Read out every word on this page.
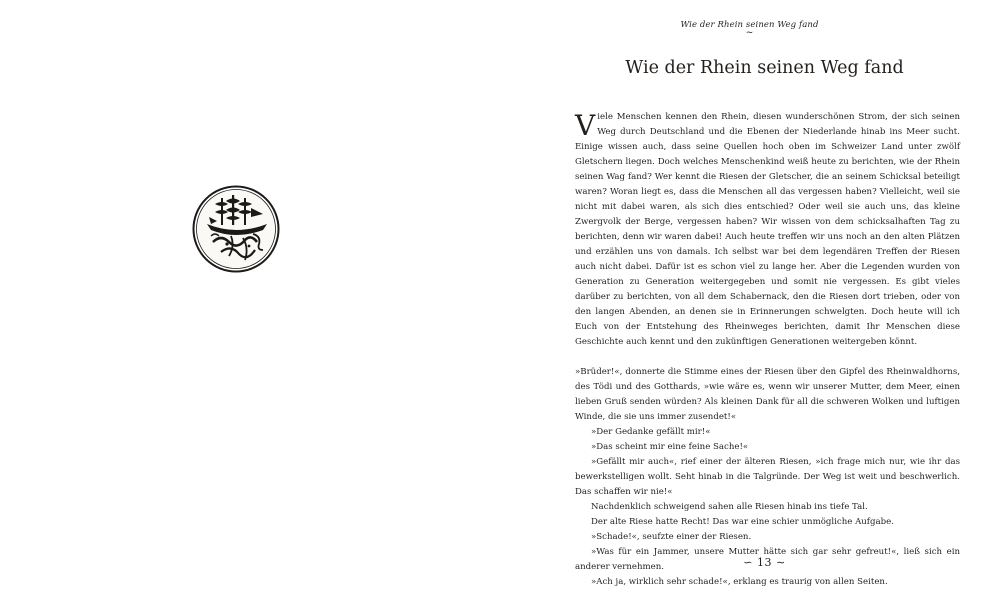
Wie der Rhein seinen Weg fand
~
Wie der Rhein seinen Weg fand

Viele Menschen kennen den Rhein, diesen wunderschönen Strom, der sich seinen Weg durch Deutschland und die Ebenen der Niederlande hinab ins Meer sucht. Einige wissen auch, dass seine Quellen hoch oben im Schweizer Land unter zwölf Gletschern liegen. Doch welches Menschenkind weiß heute zu berichten, wie der Rhein seinen Wag fand? Wer kennt die Riesen der Gletscher, die an seinem Schicksal beteiligt waren? Woran liegt es, dass die Menschen all das vergessen haben? Vielleicht, weil sie nicht mit dabei waren, als sich dies entschied? Oder weil sie auch uns, das kleine Zwergvolk der Berge, vergessen haben? Wir wissen von dem schicksalhaften Tag zu berichten, denn wir waren dabei! Auch heute treffen wir uns noch an den alten Plätzen und erzählen uns von damals. Ich selbst war bei dem legendären Treffen der Riesen auch nicht dabei. Dafür ist es schon viel zu lange her. Aber die Legenden wurden von Generation zu Generation weitergegeben und somit nie vergessen. Es gibt vieles darüber zu berichten, von all dem Schabernack, den die Riesen dort trieben, oder von den langen Abenden, an denen sie in Erinnerungen schwelgten. Doch heute will ich Euch von der Entstehung des Rheinweges berichten, damit Ihr Menschen diese Geschichte auch kennt und den zukünftigen Generationen weitergeben könnt.

»Brüder!«, donnerte die Stimme eines der Riesen über den Gipfel des Rheinwaldhorns, des Tödi und des Gotthards, »wie wäre es, wenn wir unserer Mutter, dem Meer, einen lieben Gruß senden würden? Als kleinen Dank für all die schweren Wolken und luftigen Winde, die sie uns immer zusendet!«

»Der Gedanke gefällt mir!«

»Das scheint mir eine feine Sache!«

»Gefällt mir auch«, rief einer der älteren Riesen, »ich frage mich nur, wie ihr das bewerkstelligen wollt. Seht hinab in die Talgründe. Der Weg ist weit und beschwerlich. Das schaffen wir nie!«

Nachdenklich schweigend sahen alle Riesen hinab ins tiefe Tal.

Der alte Riese hatte Recht! Das war eine schier unmögliche Aufgabe.

»Schade!«, seufzte einer der Riesen.

»Was für ein Jammer, unsere Mutter hätte sich gar sehr gefreut!«, ließ sich ein anderer vernehmen.

»Ach ja, wirklich sehr schade!«, erklang es traurig von allen Seiten.

∽ 13 ∼
